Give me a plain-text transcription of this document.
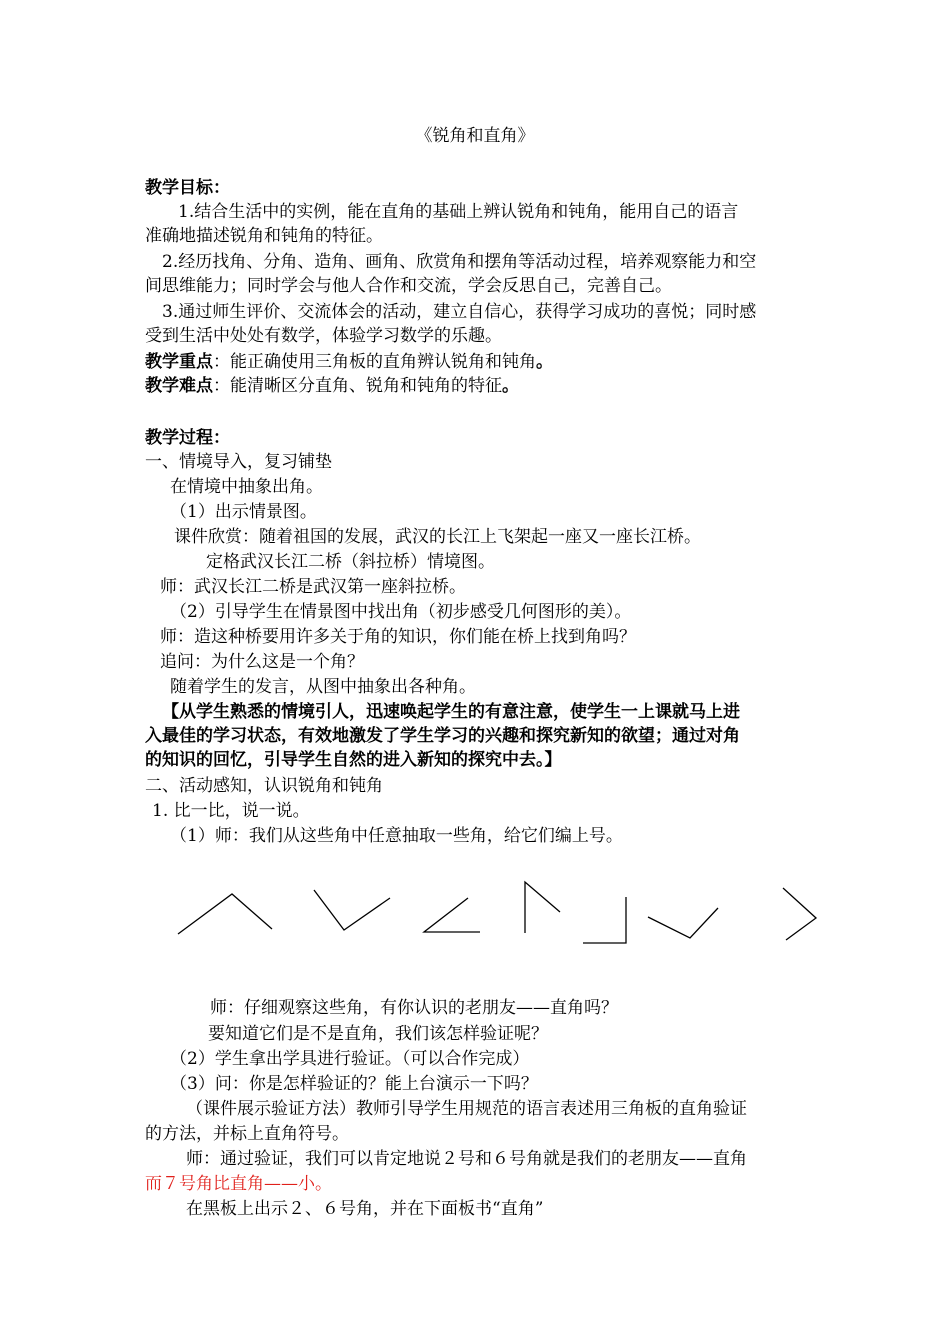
《锐角和直角》
教学目标：
1.结合生活中的实例，能在直角的基础上辨认锐角和钝角，能用自己的语言
准确地描述锐角和钝角的特征。
2.经历找角、分角、造角、画角、欣赏角和摆角等活动过程，培养观察能力和空
间思维能力；同时学会与他人合作和交流，学会反思自己，完善自己。
3.通过师生评价、交流体会的活动，建立自信心，获得学习成功的喜悦；同时感
受到生活中处处有数学，体验学习数学的乐趣。
教学重点：能正确使用三角板的直角辨认锐角和钝角。
教学难点：能清晰区分直角、锐角和钝角的特征。
教学过程：
一、情境导入，复习铺垫
在情境中抽象出角。
（1）出示情景图。
课件欣赏：随着祖国的发展，武汉的长江上飞架起一座又一座长江桥。
定格武汉长江二桥（斜拉桥）情境图。
师：武汉长江二桥是武汉第一座斜拉桥。
（2）引导学生在情景图中找出角（初步感受几何图形的美）。
师：造这种桥要用许多关于角的知识，你们能在桥上找到角吗？
追问：为什么这是一个角？
随着学生的发言，从图中抽象出各种角。
【从学生熟悉的情境引人，迅速唤起学生的有意注意，使学生一上课就马上进
入最佳的学习状态，有效地激发了学生学习的兴趣和探究新知的欲望；通过对角
的知识的回忆，引导学生自然的进入新知的探究中去。】
二、活动感知，认识锐角和钝角
1. 比一比，说一说。
（1）师：我们从这些角中任意抽取一些角，给它们编上号。
师：仔细观察这些角，有你认识的老朋友——直角吗？
要知道它们是不是直角，我们该怎样验证呢？
（2）学生拿出学具进行验证。（可以合作完成）
（3）问：你是怎样验证的？能上台演示一下吗？
（课件展示验证方法）教师引导学生用规范的语言表述用三角板的直角验证
的方法，并标上直角符号。
师：通过验证，我们可以肯定地说２号和６号角就是我们的老朋友——直角
而７号角比直角——小。
在黑板上出示２、６号角，并在下面板书“直角”
